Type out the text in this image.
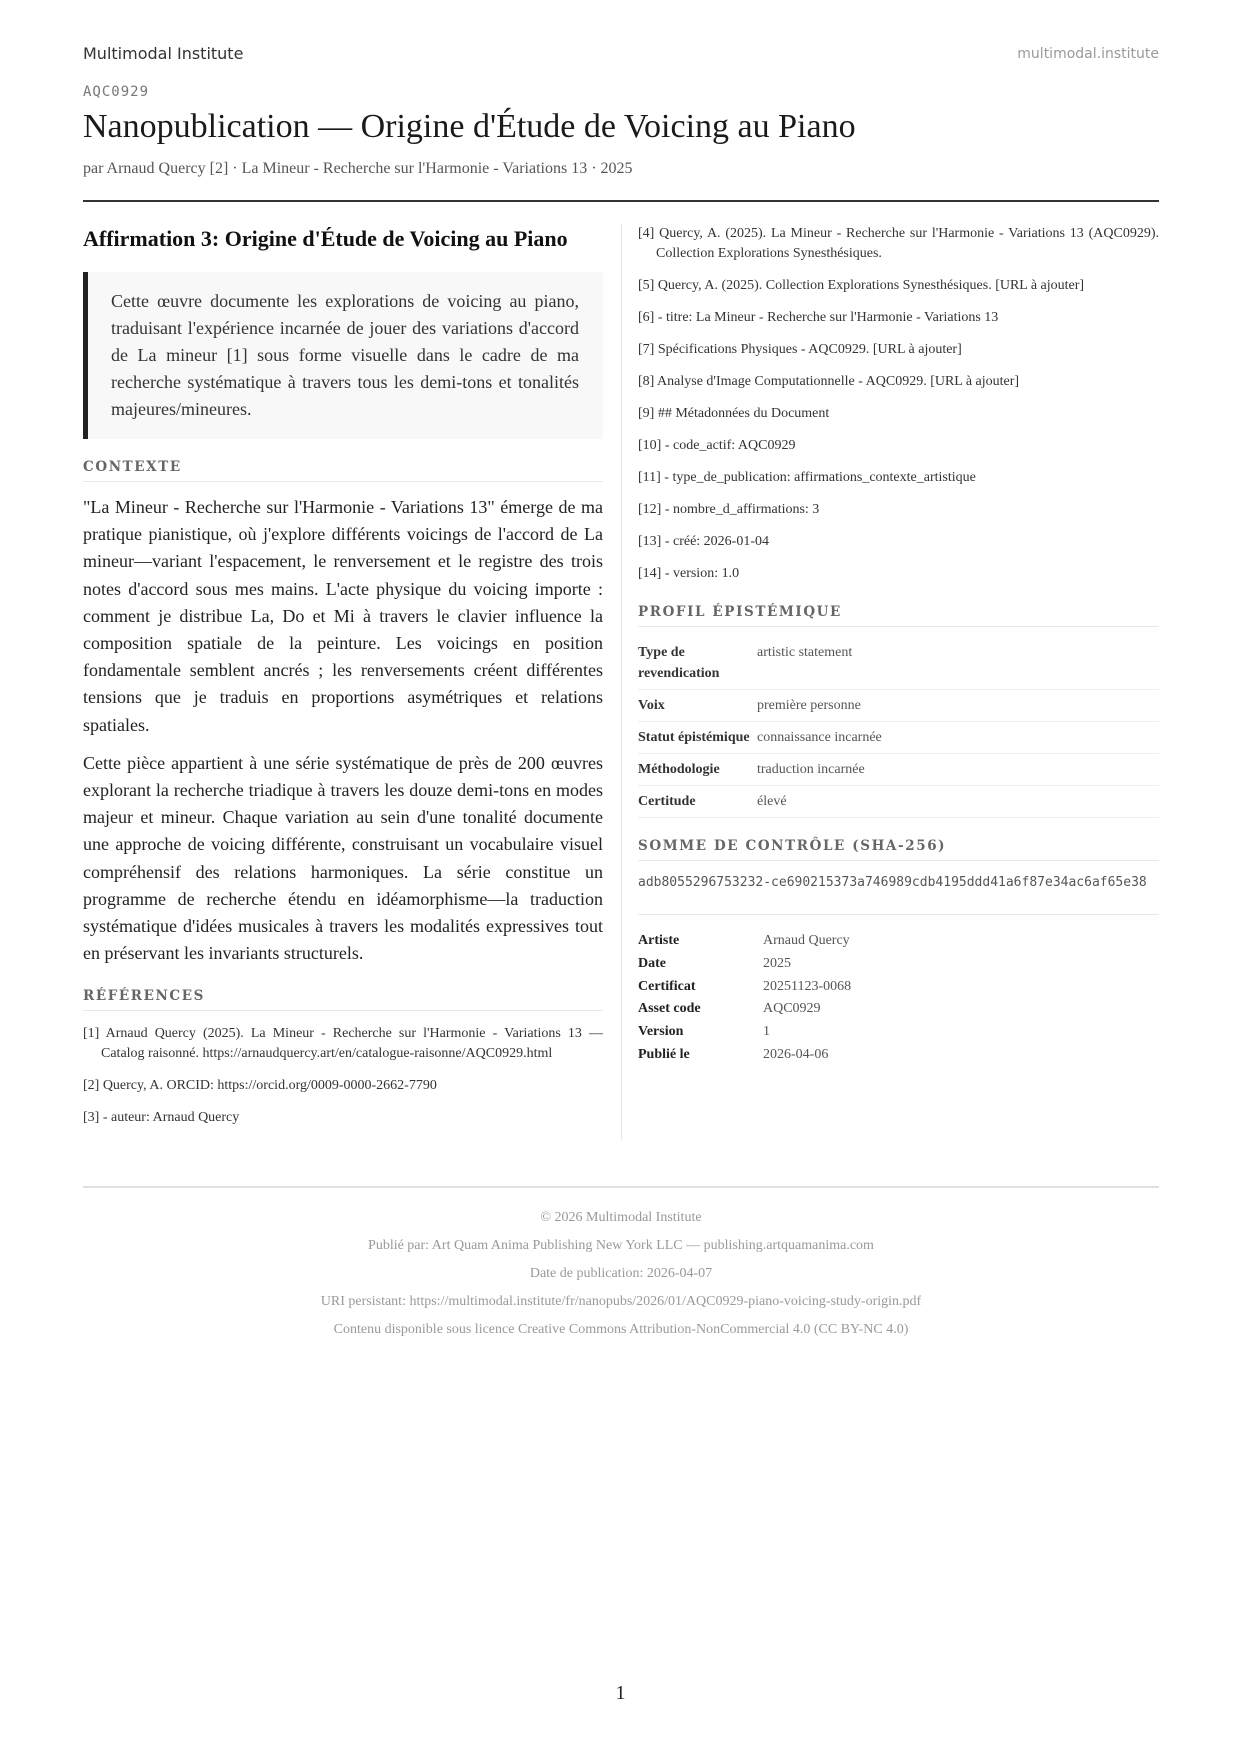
Multimodal Institute	multimodal.institute
AQC0929
Nanopublication — Origine d'Étude de Voicing au Piano
par Arnaud Quercy [2] · La Mineur - Recherche sur l'Harmonie - Variations 13 · 2025
Affirmation 3: Origine d'Étude de Voicing au Piano
Cette œuvre documente les explorations de voicing au piano, traduisant l'expérience incarnée de jouer des variations d'accord de La mineur [1] sous forme visuelle dans le cadre de ma recherche systématique à travers tous les demi-tons et tonalités majeures/mineures.
CONTEXTE

"La Mineur - Recherche sur l'Harmonie - Variations 13" émerge de ma pratique pianistique, où j'explore différents voicings de l'accord de La mineur—variant l'espacement, le renversement et le registre des trois notes d'accord sous mes mains. L'acte physique du voicing importe : comment je distribue La, Do et Mi à travers le clavier influence la composition spatiale de la peinture. Les voicings en position fondamentale semblent ancrés ; les renversements créent différentes tensions que je traduis en proportions asymétriques et relations spatiales.

Cette pièce appartient à une série systématique de près de 200 œuvres explorant la recherche triadique à travers les douze demi-tons en modes majeur et mineur. Chaque variation au sein d'une tonalité documente une approche de voicing différente, construisant un vocabulaire visuel compréhensif des relations harmoniques. La série constitue un programme de recherche étendu en idéamorphisme—la traduction systématique d'idées musicales à travers les modalités expressives tout en préservant les invariants structurels.

RÉFÉRENCES
[1] Arnaud Quercy (2025). La Mineur - Recherche sur l'Harmonie - Variations 13 — Catalog raisonné. https://arnaudquercy.art/en/catalogue-raisonne/AQC0929.html
[2] Quercy, A. ORCID: https://orcid.org/0009-0000-2662-7790
[3] - auteur: Arnaud Quercy
[4] Quercy, A. (2025). La Mineur - Recherche sur l'Harmonie - Variations 13 (AQC0929). Collection Explorations Synesthésiques.
[5] Quercy, A. (2025). Collection Explorations Synesthésiques. [URL à ajouter]
[6] - titre: La Mineur - Recherche sur l'Harmonie - Variations 13
[7] Spécifications Physiques - AQC0929. [URL à ajouter]
[8] Analyse d'Image Computationnelle - AQC0929. [URL à ajouter]
[9] ## Métadonnées du Document
[10] - code_actif: AQC0929
[11] - type_de_publication: affirmations_contexte_artistique
[12] - nombre_d_affirmations: 3
[13] - créé: 2026-01-04
[14] - version: 1.0
PROFIL ÉPISTÉMIQUE
Type de revendication	artistic statement
Voix	première personne
Statut épistémique	connaissance incarnée
Méthodologie	traduction incarnée
Certitude	élevé
SOMME DE CONTRÔLE (SHA-256)
adb8055296753232-ce690215373a746989cdb4195ddd41a6f87e34ac6af65e38
Artiste	Arnaud Quercy
Date	2025
Certificat	20251123-0068
Asset code	AQC0929
Version	1
Publié le	2026-04-06
© 2026 Multimodal Institute
Publié par: Art Quam Anima Publishing New York LLC — publishing.artquamanima.com
Date de publication: 2026-04-07
URI persistant: https://multimodal.institute/fr/nanopubs/2026/01/AQC0929-piano-voicing-study-origin.pdf
Contenu disponible sous licence Creative Commons Attribution-NonCommercial 4.0 (CC BY-NC 4.0)
1
